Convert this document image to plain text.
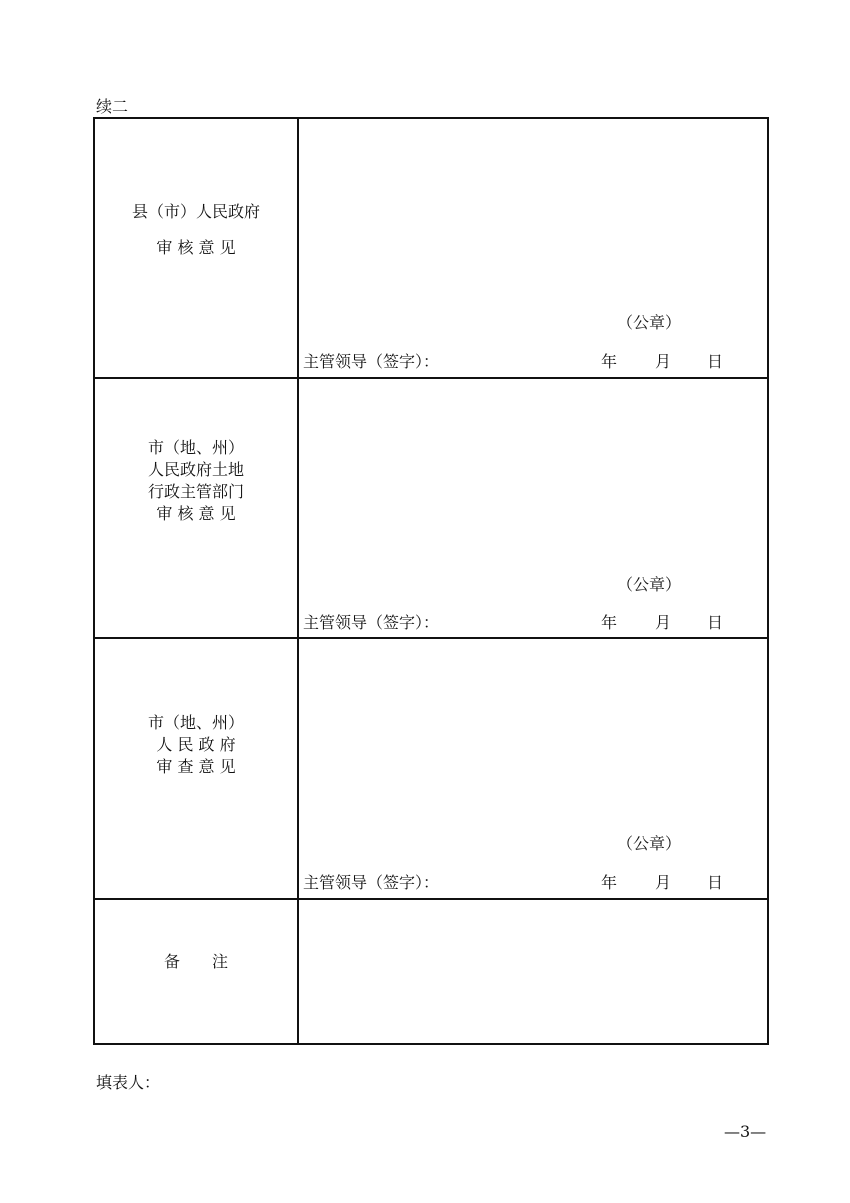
续二
县（市）人民政府
审 核 意 见
（公章）
主管领导（签字）：	年 月 日
市（地、州）
人民政府土地
行政主管部门
审 核 意 见
（公章）
主管领导（签字）：	年 月 日
市（地、州）
人 民 政 府
审 查 意 见
（公章）
主管领导（签字）：	年 月 日
备　　注
填表人：
—3—
